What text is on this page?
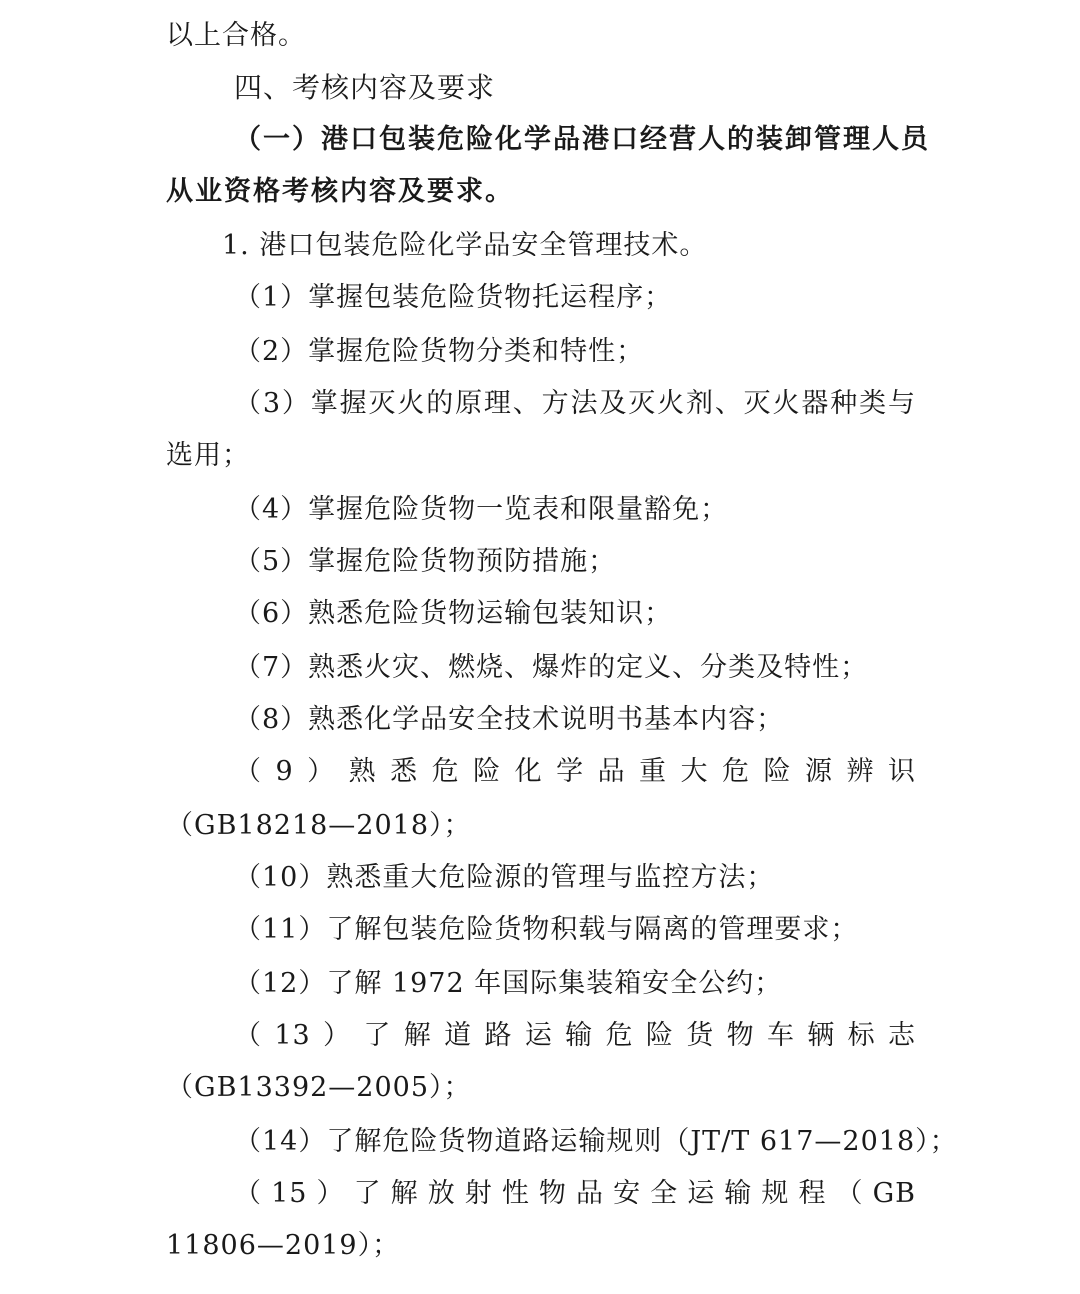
以上合格。
四、考核内容及要求
（一）港口包装危险化学品港口经营人的装卸管理人员
从业资格考核内容及要求。
1. 港口包装危险化学品安全管理技术。
（1）掌握包装危险货物托运程序；
（2）掌握危险货物分类和特性；
（3）掌握灭火的原理、方法及灭火剂、灭火器种类与
选用；
（4）掌握危险货物一览表和限量豁免；
（5）掌握危险货物预防措施；
（6）熟悉危险货物运输包装知识；
（7）熟悉火灾、燃烧、爆炸的定义、分类及特性；
（8）熟悉化学品安全技术说明书基本内容；
（9）熟悉危险化学品重大危险源辨识
（GB18218—2018）；
（10）熟悉重大危险源的管理与监控方法；
（11）了解包装危险货物积载与隔离的管理要求；
（12）了解 1972 年国际集装箱安全公约；
（13）了解道路运输危险货物车辆标志
（GB13392—2005）；
（14）了解危险货物道路运输规则（JT/T 617—2018）；
（15）了解放射性物品安全运输规程（GB
11806—2019）；
